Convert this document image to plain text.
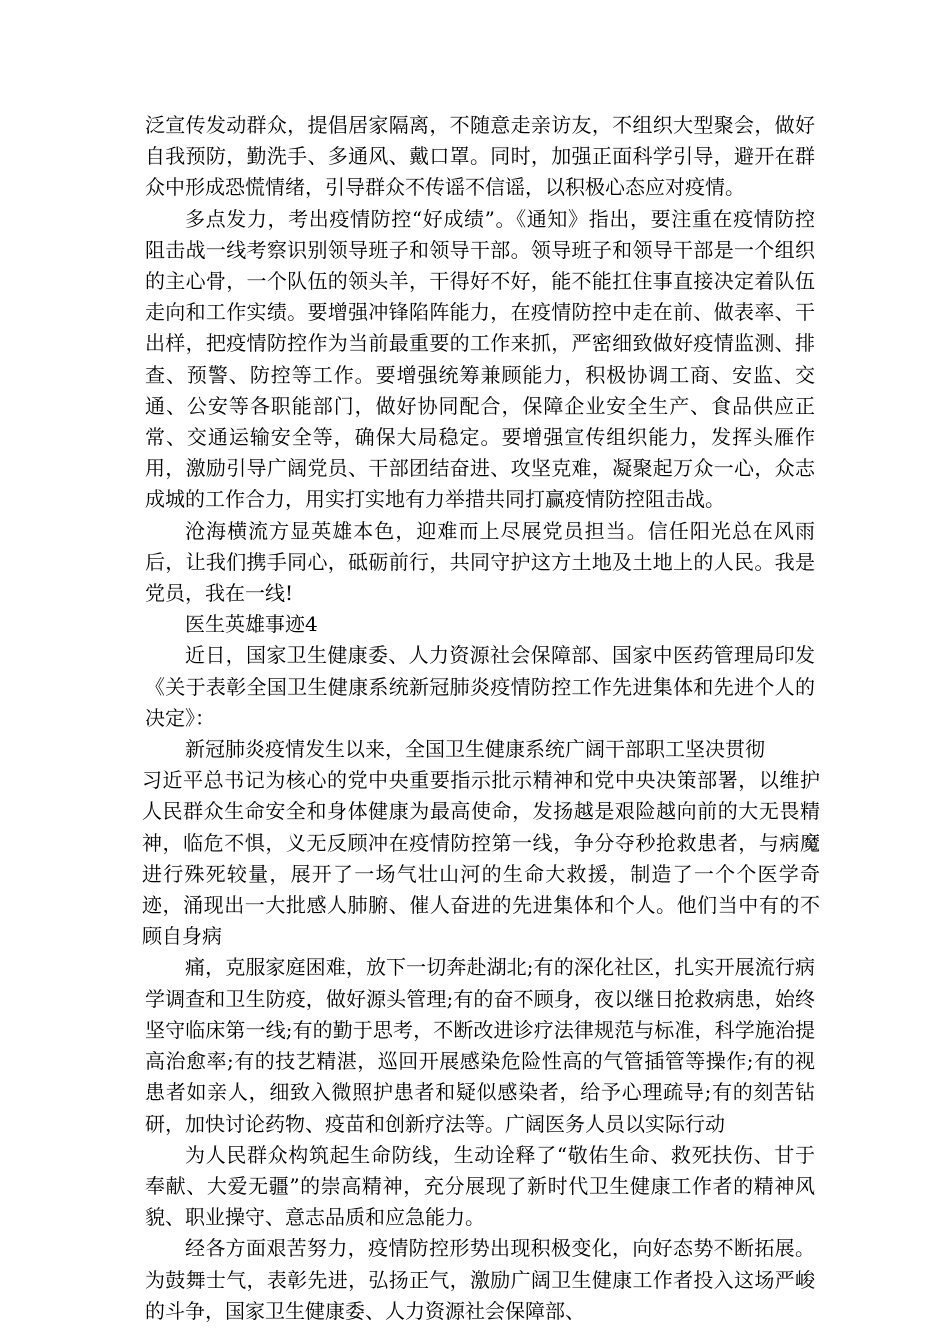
泛宣传发动群众，提倡居家隔离，不随意走亲访友，不组织大型聚会，做好自我预防，勤洗手、多通风、戴口罩。同时，加强正面科学引导，避开在群众中形成恐慌情绪，引导群众不传谣不信谣，以积极心态应对疫情。

多点发力，考出疫情防控“好成绩”。《通知》指出，要注重在疫情防控阻击战一线考察识别领导班子和领导干部。领导班子和领导干部是一个组织的主心骨，一个队伍的领头羊，干得好不好，能不能扛住事直接决定着队伍走向和工作实绩。要增强冲锋陷阵能力，在疫情防控中走在前、做表率、干出样，把疫情防控作为当前最重要的工作来抓，严密细致做好疫情监测、排查、预警、防控等工作。要增强统筹兼顾能力，积极协调工商、安监、交通、公安等各职能部门，做好协同配合，保障企业安全生产、食品供应正常、交通运输安全等，确保大局稳定。要增强宣传组织能力，发挥头雁作用，激励引导广阔党员、干部团结奋进、攻坚克难，凝聚起万众一心，众志成城的工作合力，用实打实地有力举措共同打赢疫情防控阻击战。

沧海横流方显英雄本色，迎难而上尽展党员担当。信任阳光总在风雨后，让我们携手同心，砥砺前行，共同守护这方土地及土地上的人民。我是党员，我在一线!

医生英雄事迹4

近日，国家卫生健康委、人力资源社会保障部、国家中医药管理局印发《关于表彰全国卫生健康系统新冠肺炎疫情防控工作先进集体和先进个人的决定》：

新冠肺炎疫情发生以来，全国卫生健康系统广阔干部职工坚决贯彻

习近平总书记为核心的党中央重要指示批示精神和党中央决策部署，以维护人民群众生命安全和身体健康为最高使命，发扬越是艰险越向前的大无畏精神，临危不惧，义无反顾冲在疫情防控第一线，争分夺秒抢救患者，与病魔进行殊死较量，展开了一场气壮山河的生命大救援，制造了一个个医学奇迹，涌现出一大批感人肺腑、催人奋进的先进集体和个人。他们当中有的不顾自身病

痛，克服家庭困难，放下一切奔赴湖北;有的深化社区，扎实开展流行病学调查和卫生防疫，做好源头管理;有的奋不顾身，夜以继日抢救病患，始终坚守临床第一线;有的勤于思考，不断改进诊疗法律规范与标准，科学施治提高治愈率;有的技艺精湛，巡回开展感染危险性高的气管插管等操作;有的视患者如亲人，细致入微照护患者和疑似感染者，给予心理疏导;有的刻苦钻研，加快讨论药物、疫苗和创新疗法等。广阔医务人员以实际行动

为人民群众构筑起生命防线，生动诠释了“敬佑生命、救死扶伤、甘于奉献、大爱无疆”的崇高精神，充分展现了新时代卫生健康工作者的精神风貌、职业操守、意志品质和应急能力。

经各方面艰苦努力，疫情防控形势出现积极变化，向好态势不断拓展。为鼓舞士气，表彰先进，弘扬正气，激励广阔卫生健康工作者投入这场严峻的斗争，国家卫生健康委、人力资源社会保障部、
